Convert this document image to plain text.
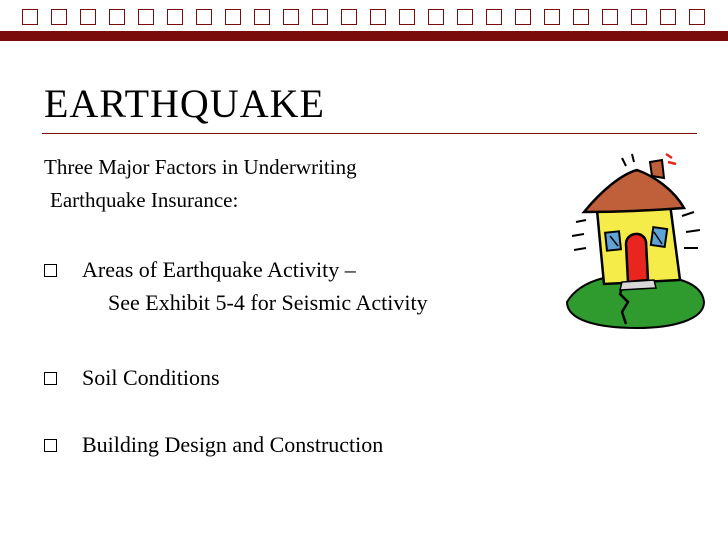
EARTHQUAKE
Three Major Factors in Underwriting
Earthquake Insurance:
Areas of Earthquake Activity –
See Exhibit 5-4 for Seismic Activity
Soil Conditions
Building Design and Construction
